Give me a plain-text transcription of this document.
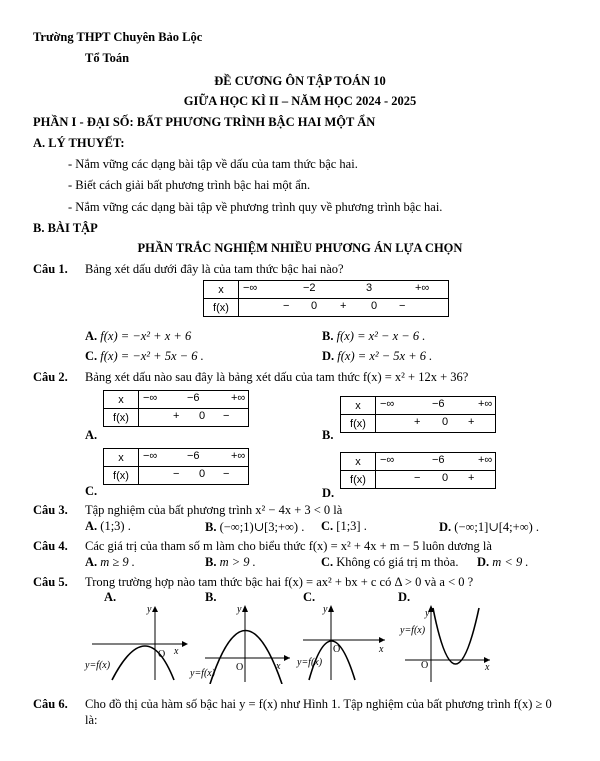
Trường THPT Chuyên Bảo Lộc
Tổ Toán
ĐỀ CƯƠNG ÔN TẬP TOÁN 10
GIỮA HỌC KÌ II – NĂM HỌC 2024 - 2025
PHẦN I - ĐẠI SỐ: BẤT PHƯƠNG TRÌNH BẬC HAI MỘT ẨN
A. LÝ THUYẾT:
- Nắm vững các dạng bài tập về dấu của tam thức bậc hai.
- Biết cách giải bất phương trình bậc hai một ẩn.
- Nắm vững các dạng bài tập về phương trình quy về phương trình bậc hai.
B. BÀI TẬP
PHẦN TRẮC NGHIỆM NHIỀU PHƯƠNG ÁN LỰA CHỌN
Câu 1. Bảng xét dấu dưới đây là của tam thức bậc hai nào?
x	−∞ −2 3 +∞

f(x)	− 0 + 0 −
A. f(x) = −x² + x + 6	B. f(x) = x² − x − 6 .
C. f(x) = −x² + 5x − 6 .	D. f(x) = x² − 5x + 6 .
Câu 2. Bảng xét dấu nào sau đây là bảng xét dấu của tam thức f(x) = x² + 12x + 36?
A.
x	−∞ −6 +∞

f(x)	+ 0 −
B.
x	−∞ −6 +∞

f(x)	+ 0 +
C.
x	−∞ −6 +∞

f(x)	− 0 −
D.
x	−∞ −6 +∞

f(x)	− 0 +
Câu 3. Tập nghiệm của bất phương trình x² − 4x + 3 < 0 là
A. (1;3) .	B. (−∞;1)∪[3;+∞) . C. [1;3] .	D. (−∞;1]∪[4;+∞) .
Câu 4. Các giá trị của tham số m làm cho biểu thức f(x) = x² + 4x + m − 5 luôn dương là
A. m ≥ 9 .	B. m > 9 .	C. Không có giá trị m thỏa. D. m < 9 .
Câu 5. Trong trường hợp nào tam thức bậc hai f(x) = ax² + bx + c có Δ > 0 và a < 0 ?
A.	B.	C.	D.
y
x
O
y=f(x)
y
x
O
y=f(x)
y
x
O
y=f(x)
y
x
O
y=f(x)
Câu 6. Cho đồ thị của hàm số bậc hai y = f(x) như Hình 1. Tập nghiệm của bất phương trình f(x) ≥ 0
là:
